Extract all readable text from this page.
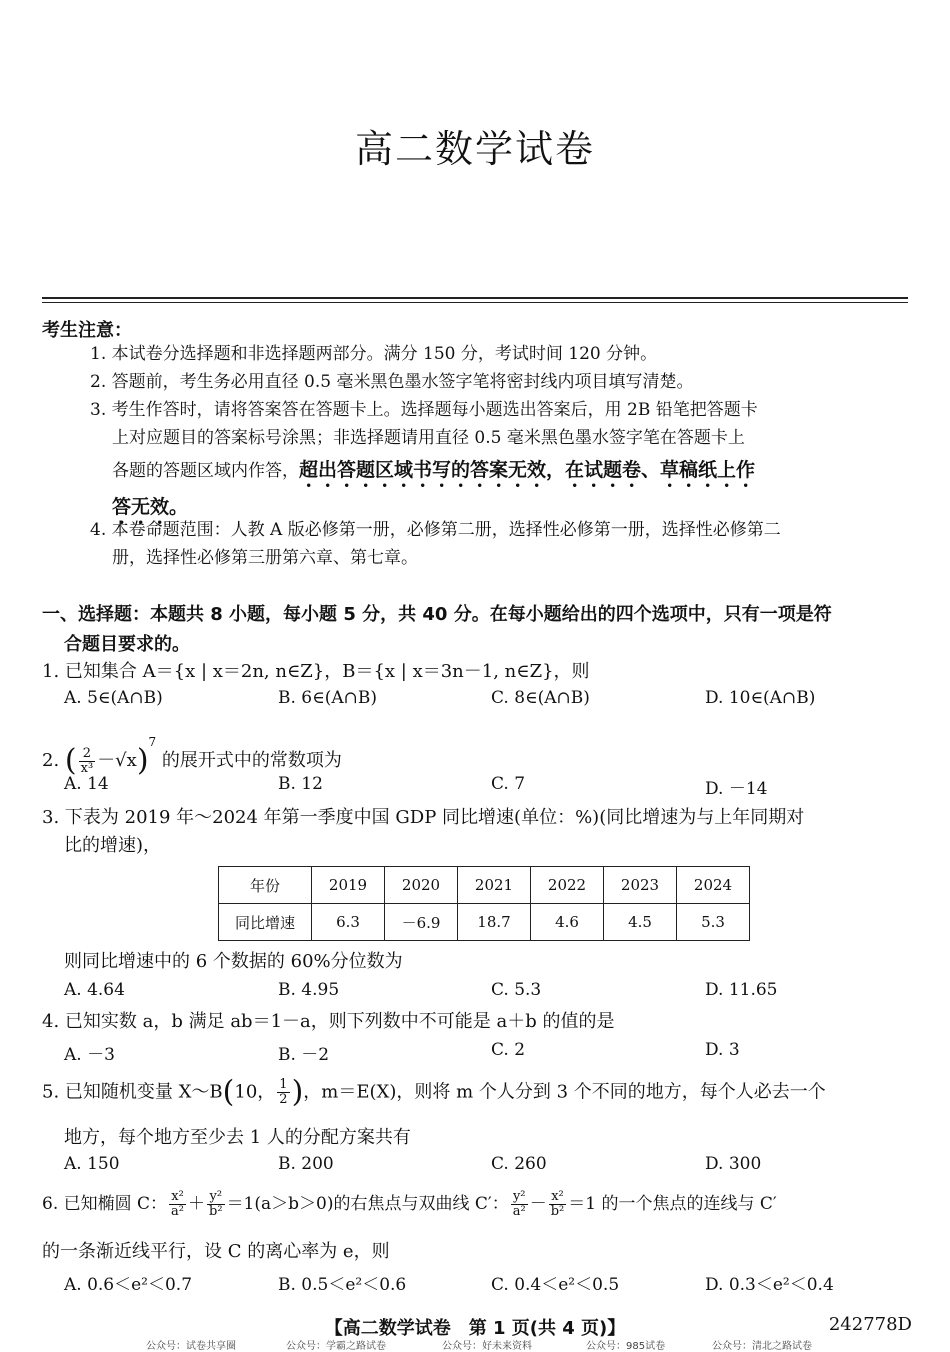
高二数学试卷
考生注意：
1. 本试卷分选择题和非选择题两部分。满分 150 分，考试时间 120 分钟。
2. 答题前，考生务必用直径 0.5 毫米黑色墨水签字笔将密封线内项目填写清楚。
3. 考生作答时，请将答案答在答题卡上。选择题每小题选出答案后，用 2B 铅笔把答题卡
上对应题目的答案标号涂黑；非选择题请用直径 0.5 毫米黑色墨水签字笔在答题卡上
各题的答题区域内作答，超出答题区域书写的答案无效，在试题卷、草稿纸上作
答无效。
4. 本卷命题范围：人教 A 版必修第一册，必修第二册，选择性必修第一册，选择性必修第二
册，选择性必修第三册第六章、第七章。
一、选择题：本题共 8 小题，每小题 5 分，共 40 分。在每小题给出的四个选项中，只有一项是符
合题目要求的。
1. 已知集合 A＝{x | x＝2n, n∈Z}，B＝{x | x＝3n－1, n∈Z}，则
A. 5∈(A∩B)	B. 6∈(A∩B)	C. 8∈(A∩B)	D. 10∈(A∩B)
2. ( $\frac{2}{\text{x³}} -√x)^7$ 的展开式中的常数项为
A. 14	B. 12	C. 7	D. －14
3. 下表为 2019 年～2024 年第一季度中国 GDP 同比增速(单位：%)(同比增速为与上年同期对
比的增速)，
年份	2019	2020	2021	2022	2023	2024
同比增速	6.3	－6.9	18.7	4.6	4.5	5.3
则同比增速中的 6 个数据的 60%分位数为
A. 4.64	B. 4.95	C. 5.3	D. 11.65
4. 已知实数 a，b 满足 ab＝1－a，则下列数中不可能是 a＋b 的值的是
A. －3	B. －2	C. 2	D. 3
5. 已知随机变量 X～B(10， $\frac{1}{2}$ )，m＝E(X)，则将 m 个人分到 3 个不同的地方，每个人必去一个
地方，每个地方至少去 1 人的分配方案共有
A. 150	B. 200	C. 260	D. 300
6. 已知椭圆 C： $\frac{\text{x²}}{\text{a²}} + \frac{\text{y²}}{\text{b²}} =1(a>b>0)$的右焦点与双曲线 C′： $\frac{\text{y²}}{\text{a²}} - \frac{\text{x²}}{\text{b²}} =1$ 的一个焦点的连线与 C′
的一条渐近线平行，设 C 的离心率为 e，则
A. 0.6＜e²＜0.7	B. 0.5＜e²＜0.6	C. 0.4＜e²＜0.5	D. 0.3＜e²＜0.4
【高二数学试卷　第 1 页(共 4 页)】	242778D
公众号：试卷共享圈	公众号：学霸之路试卷	公众号：好未来资料	公众号：985试卷	公众号：清北之路试卷
